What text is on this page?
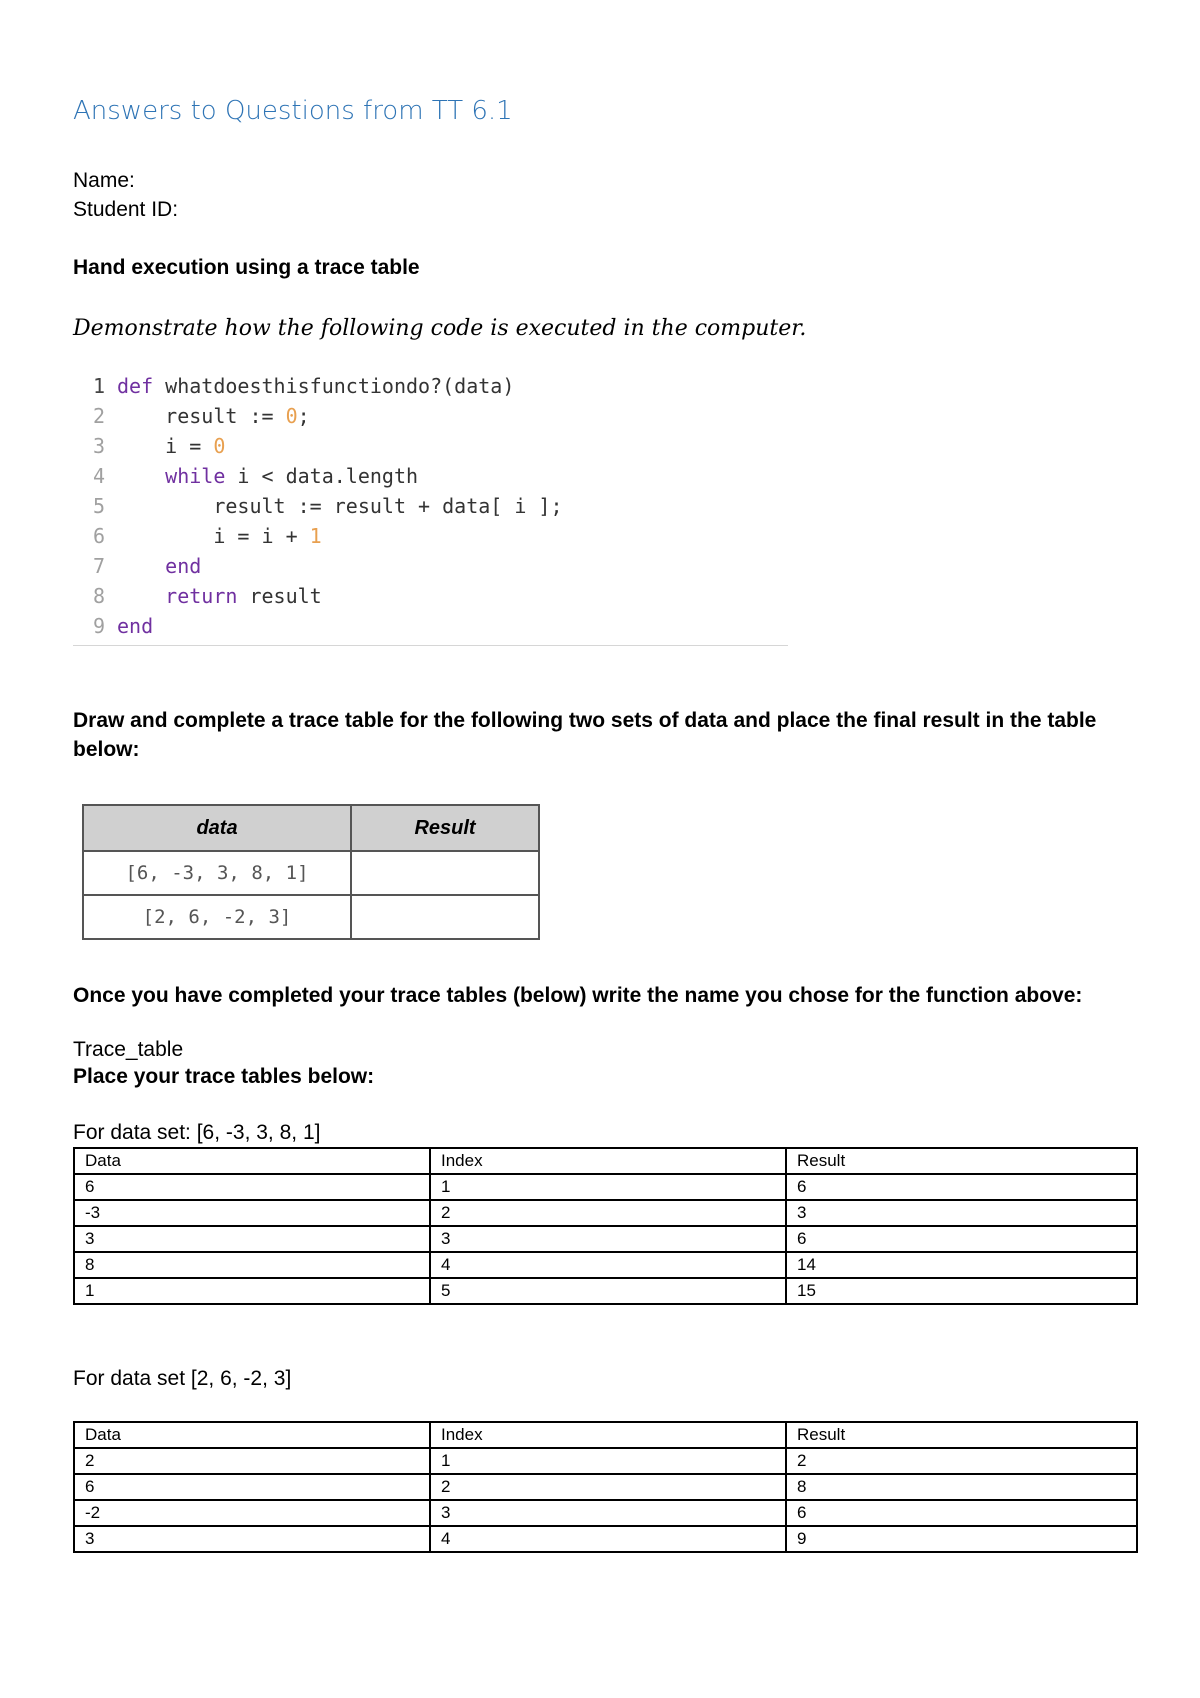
Answers to Questions from TT 6.1
Name:
Student ID:
Hand execution using a trace table
Demonstrate how the following code is executed in the computer.
1 def whatdoesthisfunctiondo?(data)
2 result := 0 ;
3 i = 0
4 while i < data.length
5 result := result + data[ i ];
6 i = i + 1
7 end
8 return result
9 end
Draw and complete a trace table for the following two sets of data and place the final result in the table below:
data	Result
[6, -3, 3, 8, 1]	
[2, 6, -2, 3]	
Once you have completed your trace tables (below) write the name you chose for the function above:
Trace_table
Place your trace tables below:
For data set: [6, -3, 3, 8, 1]
Data	Index	Result
6	1	6
-3	2	3
3	3	6
8	4	14
1	5	15
For data set [2, 6, -2, 3]
Data	Index	Result
2	1	2
6	2	8
-2	3	6
3	4	9
